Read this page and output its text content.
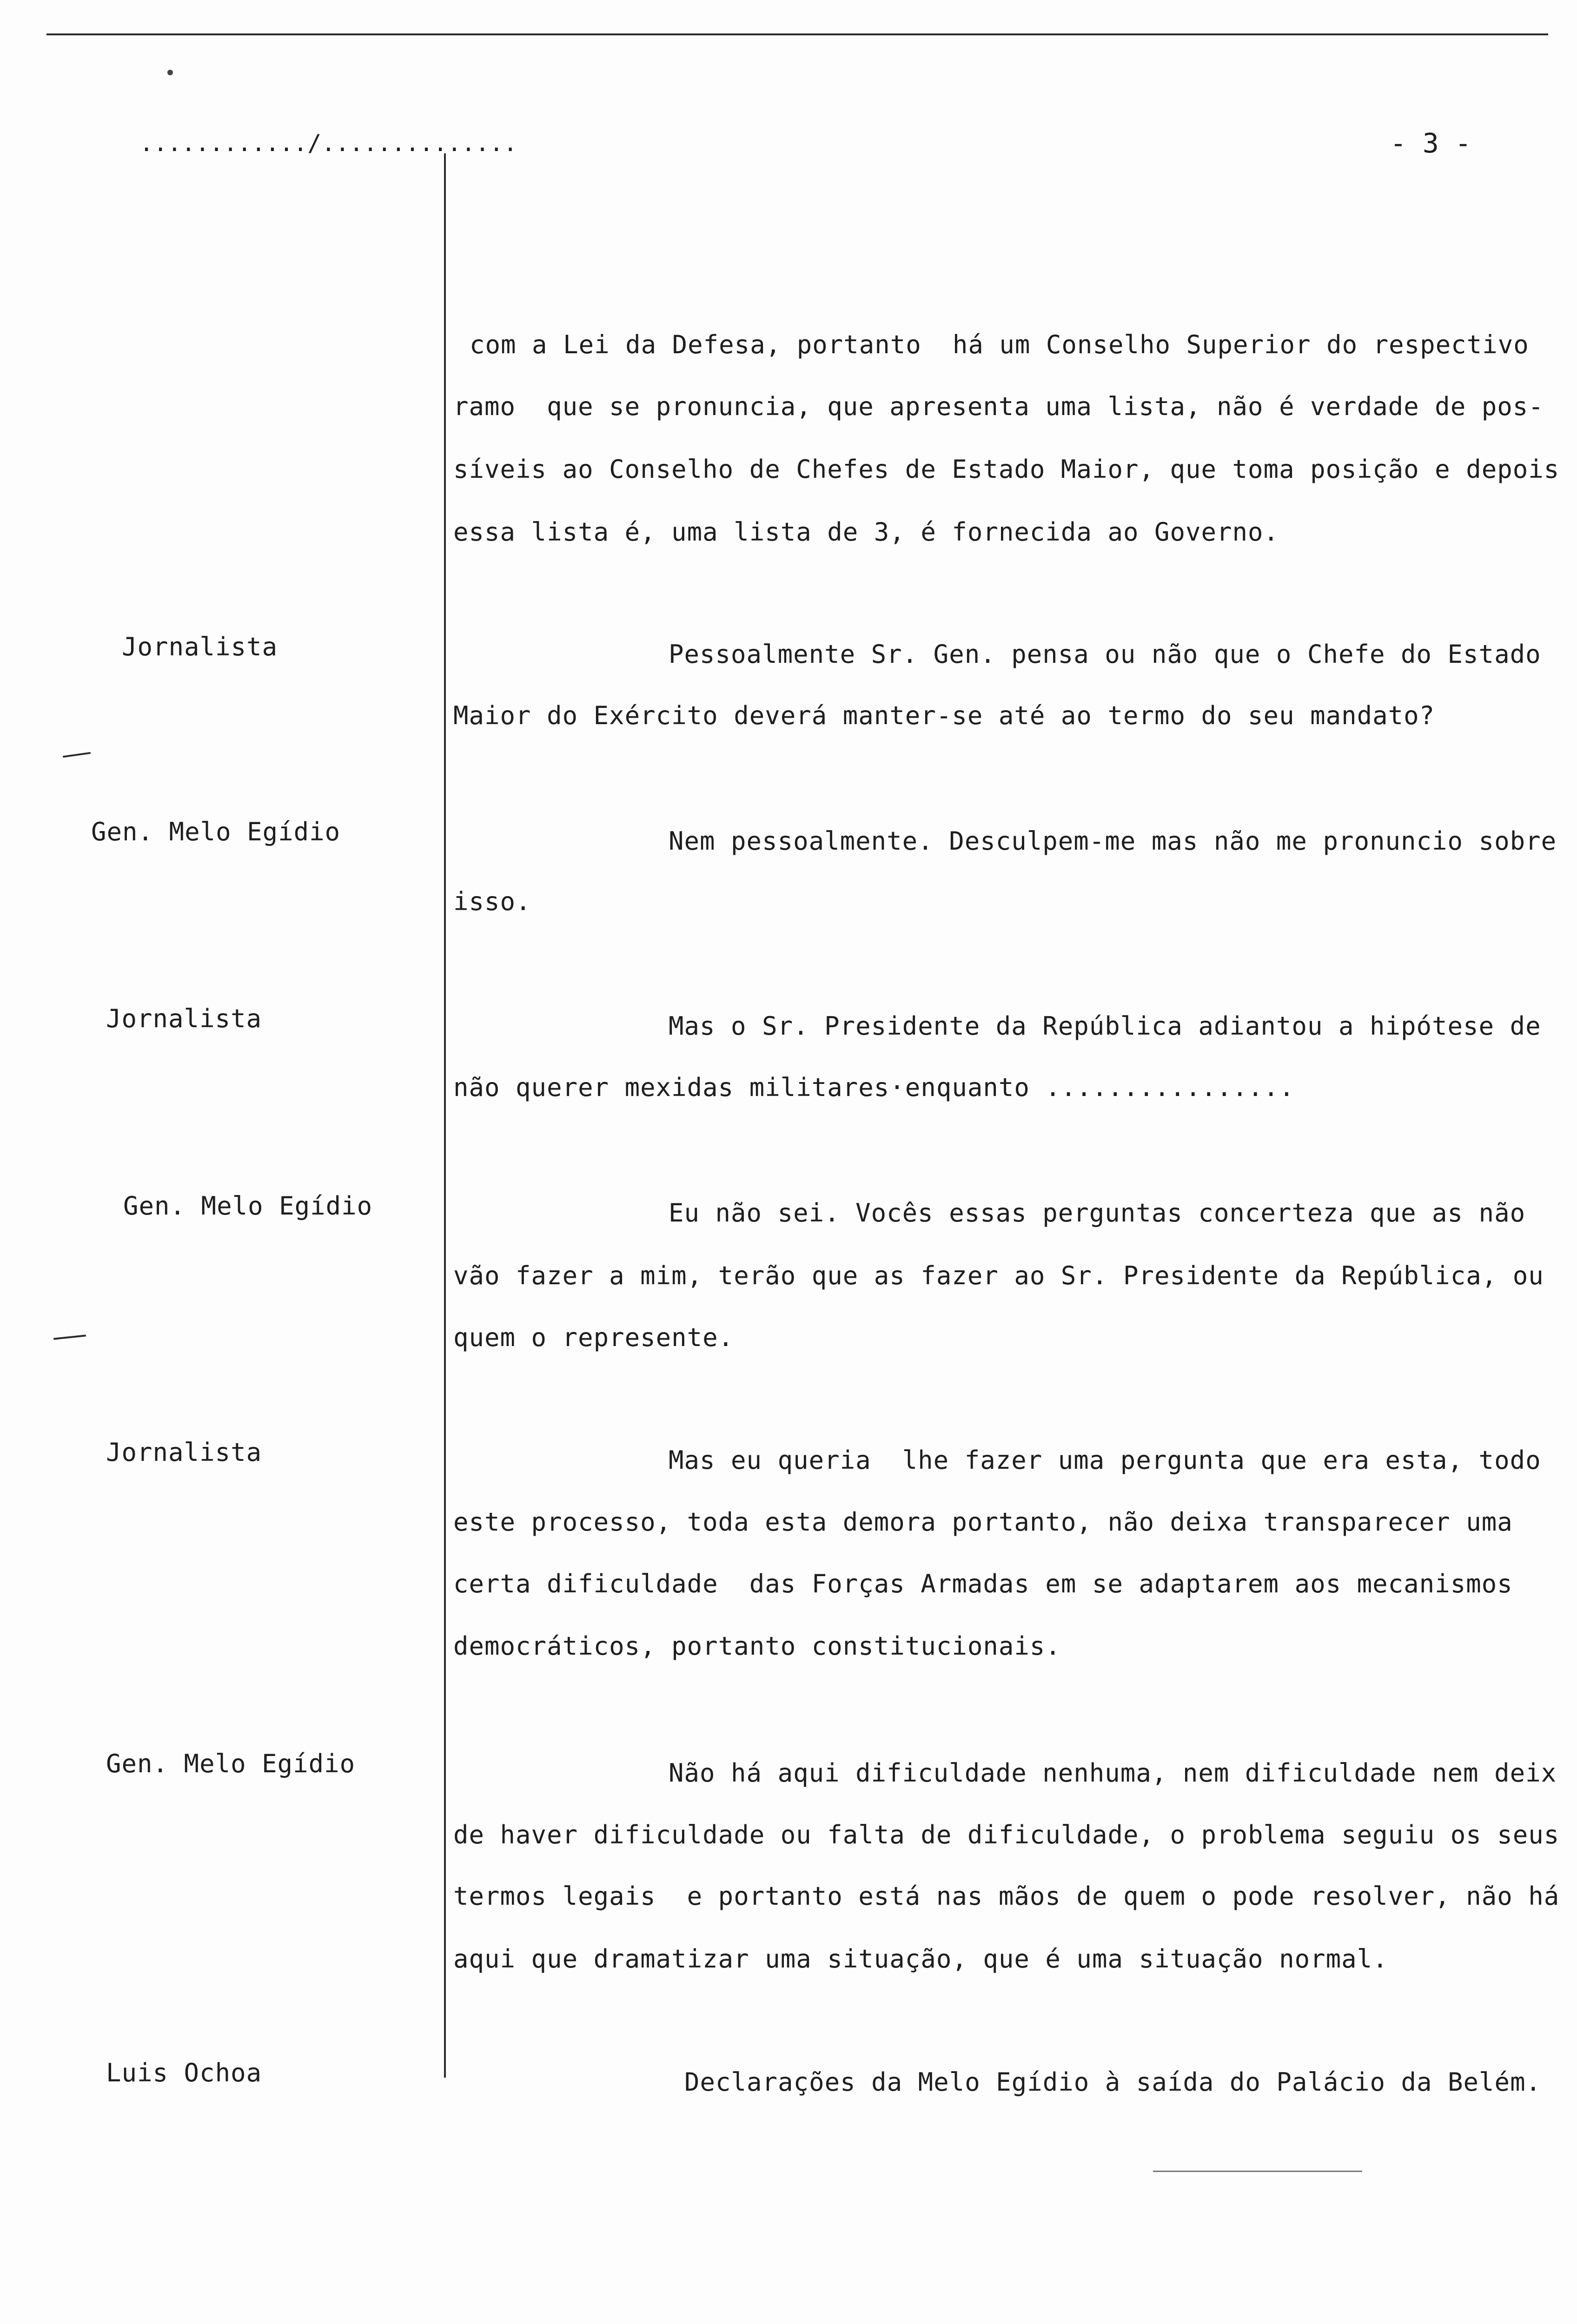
............/..............	- 3 -
com a Lei da Defesa, portanto  há um Conselho Superior do respectivo
ramo  que se pronuncia, que apresenta uma lista, não é verdade de pos-
síveis ao Conselho de Chefes de Estado Maior, que toma posição e depois
essa lista é, uma lista de 3, é fornecida ao Governo.
Jornalista	Pessoalmente Sr. Gen. pensa ou não que o Chefe do Estado
Maior do Exército deverá manter-se até ao termo do seu mandato?
Gen. Melo Egídio	Nem pessoalmente. Desculpem-me mas não me pronuncio sobre
isso.
Jornalista	Mas o Sr. Presidente da República adiantou a hipótese de
não querer mexidas militares·enquanto ................
Gen. Melo Egídio	Eu não sei. Vocês essas perguntas concerteza que as não
vão fazer a mim, terão que as fazer ao Sr. Presidente da República, ou
quem o represente.
Jornalista	Mas eu queria  lhe fazer uma pergunta que era esta, todo
este processo, toda esta demora portanto, não deixa transparecer uma
certa dificuldade  das Forças Armadas em se adaptarem aos mecanismos
democráticos, portanto constitucionais.
Gen. Melo Egídio	Não há aqui dificuldade nenhuma, nem dificuldade nem deix
de haver dificuldade ou falta de dificuldade, o problema seguiu os seus
termos legais  e portanto está nas mãos de quem o pode resolver, não há
aqui que dramatizar uma situação, que é uma situação normal.
Luis Ochoa	Declarações da Melo Egídio à saída do Palácio da Belém.
